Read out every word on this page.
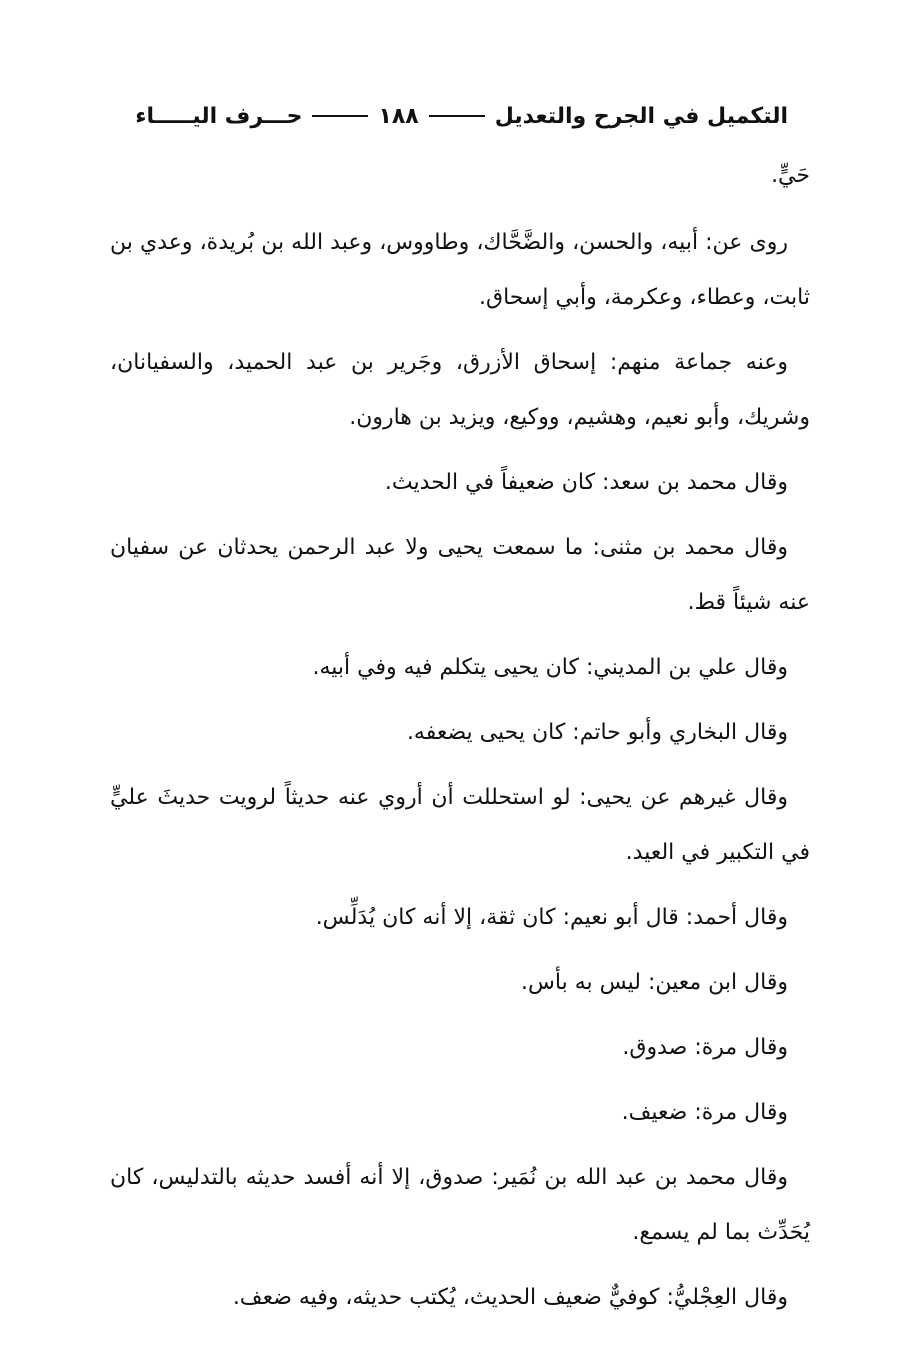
التكميل في الجرح والتعديل
١٨٨
حـــرف اليـــــاء

حَيٍّ.

روى عن: أبيه، والحسن، والضَّحَّاك، وطاووس، وعبد الله بن بُريدة، وعدي بن ثابت، وعطاء، وعكرمة، وأبي إسحاق.

وعنه جماعة منهم: إسحاق الأزرق، وجَرير بن عبد الحميد، والسفيانان، وشريك، وأبو نعيم، وهشيم، ووكيع، ويزيد بن هارون.

وقال محمد بن سعد: كان ضعيفاً في الحديث.

وقال محمد بن مثنى: ما سمعت يحيى ولا عبد الرحمن يحدثان عن سفيان عنه شيئاً قط.

وقال علي بن المديني: كان يحيى يتكلم فيه وفي أبيه.

وقال البخاري وأبو حاتم: كان يحيى يضعفه.

وقال غيرهم عن يحيى: لو استحللت أن أروي عنه حديثاً لرويت حديثَ عليٍّ في التكبير في العيد.

وقال أحمد: قال أبو نعيم: كان ثقة، إلا أنه كان يُدَلِّس.

وقال ابن معين: ليس به بأس.

وقال مرة: صدوق.

وقال مرة: ضعيف.

وقال محمد بن عبد الله بن نُمَير: صدوق، إلا أنه أفسد حديثه بالتدليس، كان يُحَدِّث بما لم يسمع.

وقال العِجْليُّ: كوفيٌّ ضعيف الحديث، يُكتب حديثه، وفيه ضعف.
